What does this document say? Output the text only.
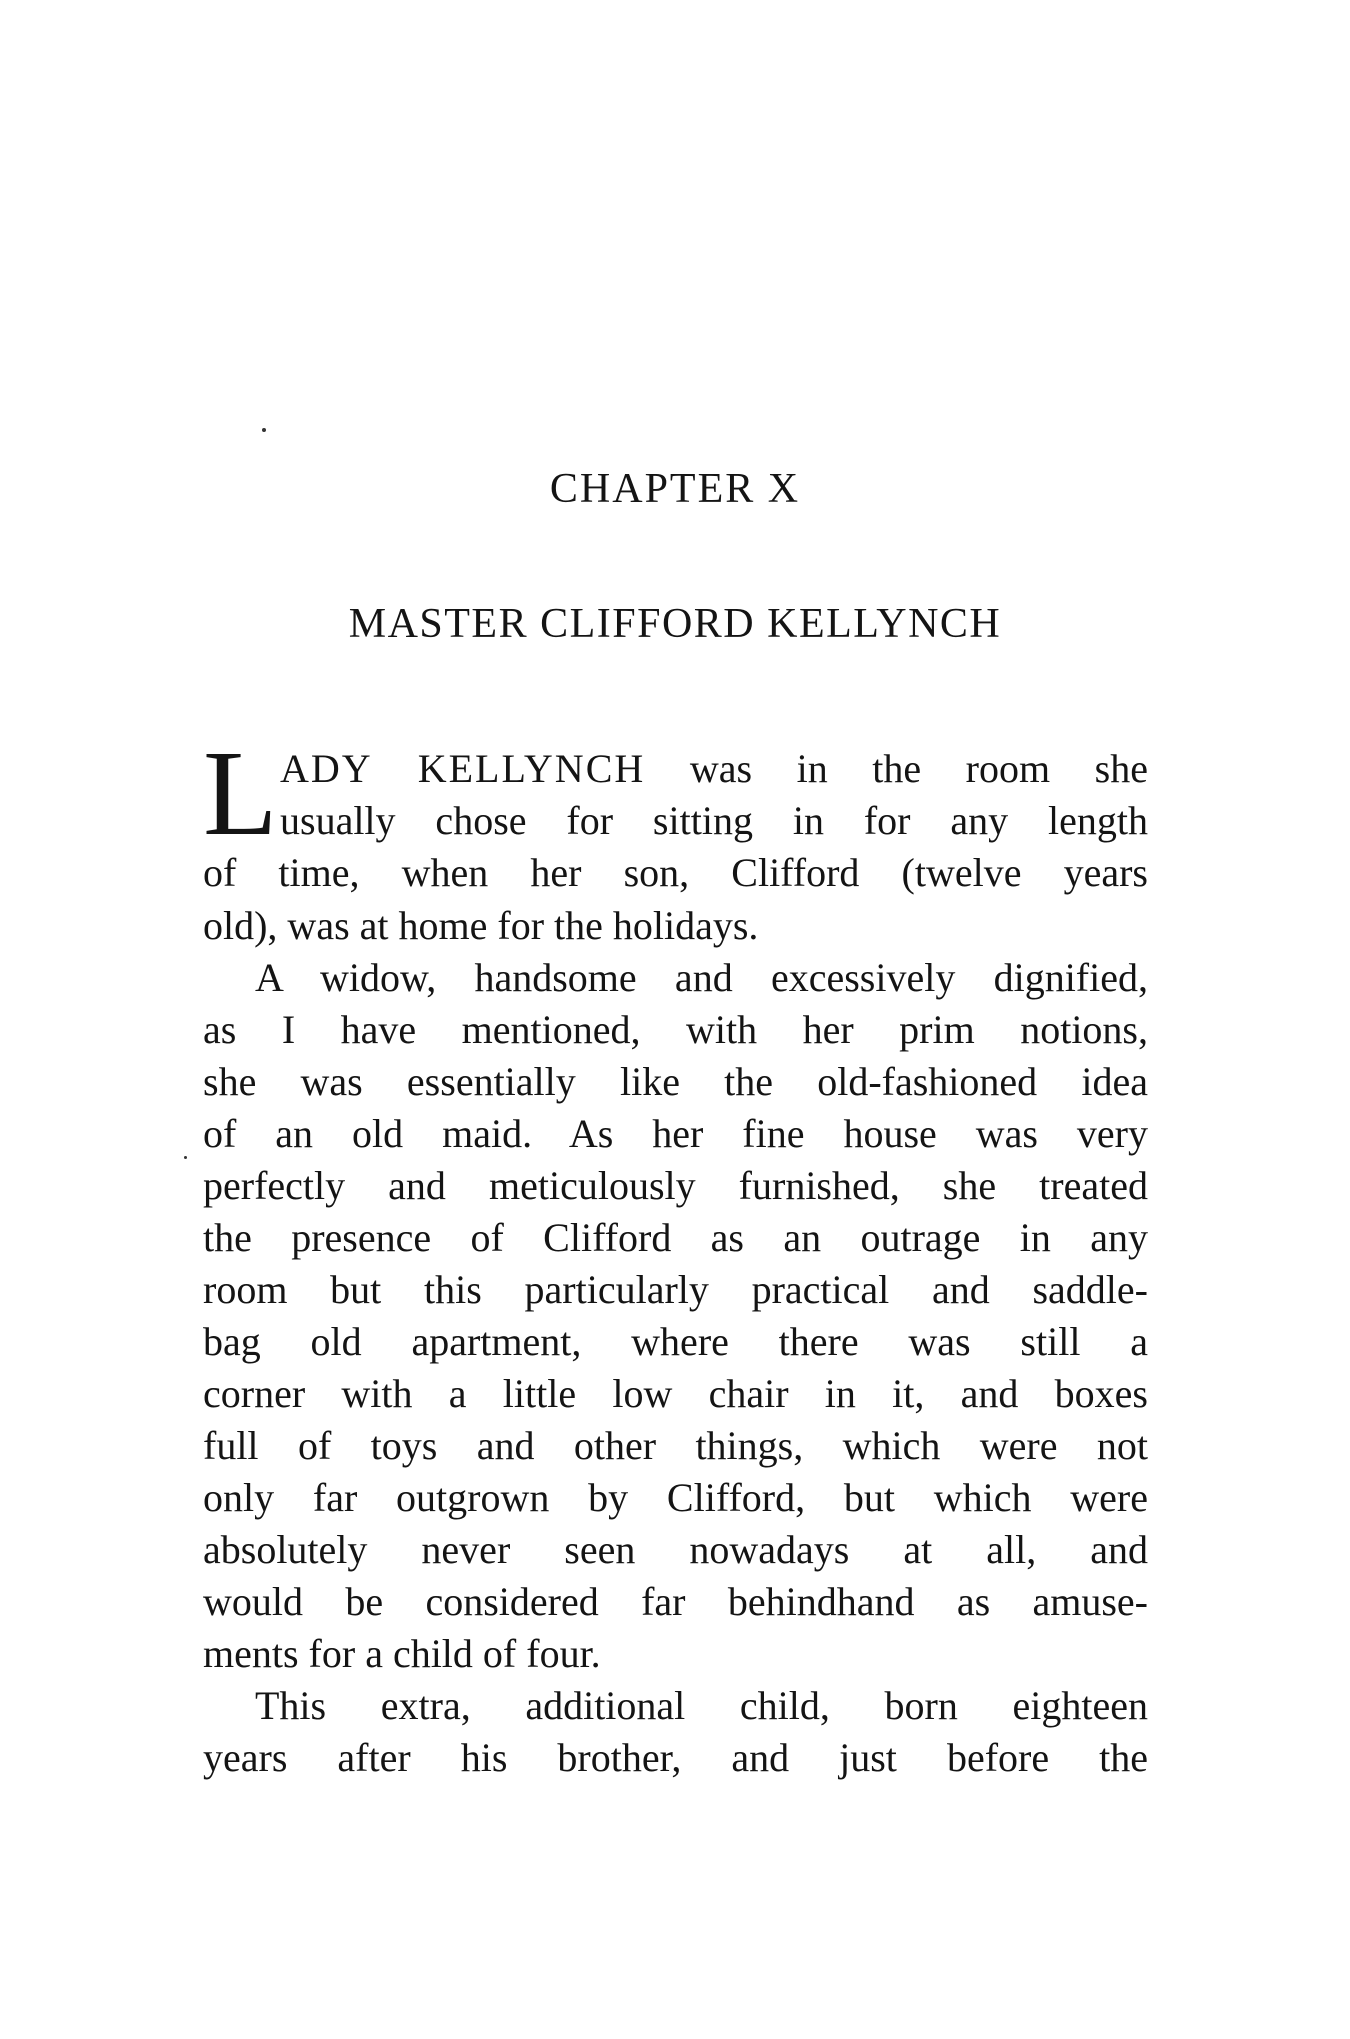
CHAPTER X
MASTER CLIFFORD KELLYNCH
L ADY KELLYNCH was in the room she
usually chose for sitting in for any length
of time, when her son, Clifford (twelve years
old), was at home for the holidays.
A widow, handsome and excessively dignified,
as I have mentioned, with her prim notions,
she was essentially like the old-fashioned idea
of an old maid. As her fine house was very
perfectly and meticulously furnished, she treated
the presence of Clifford as an outrage in any
room but this particularly practical and saddle-
bag old apartment, where there was still a
corner with a little low chair in it, and boxes
full of toys and other things, which were not
only far outgrown by Clifford, but which were
absolutely never seen nowadays at all, and
would be considered far behindhand as amuse-
ments for a child of four.
This extra, additional child, born eighteen
years after his brother, and just before the
